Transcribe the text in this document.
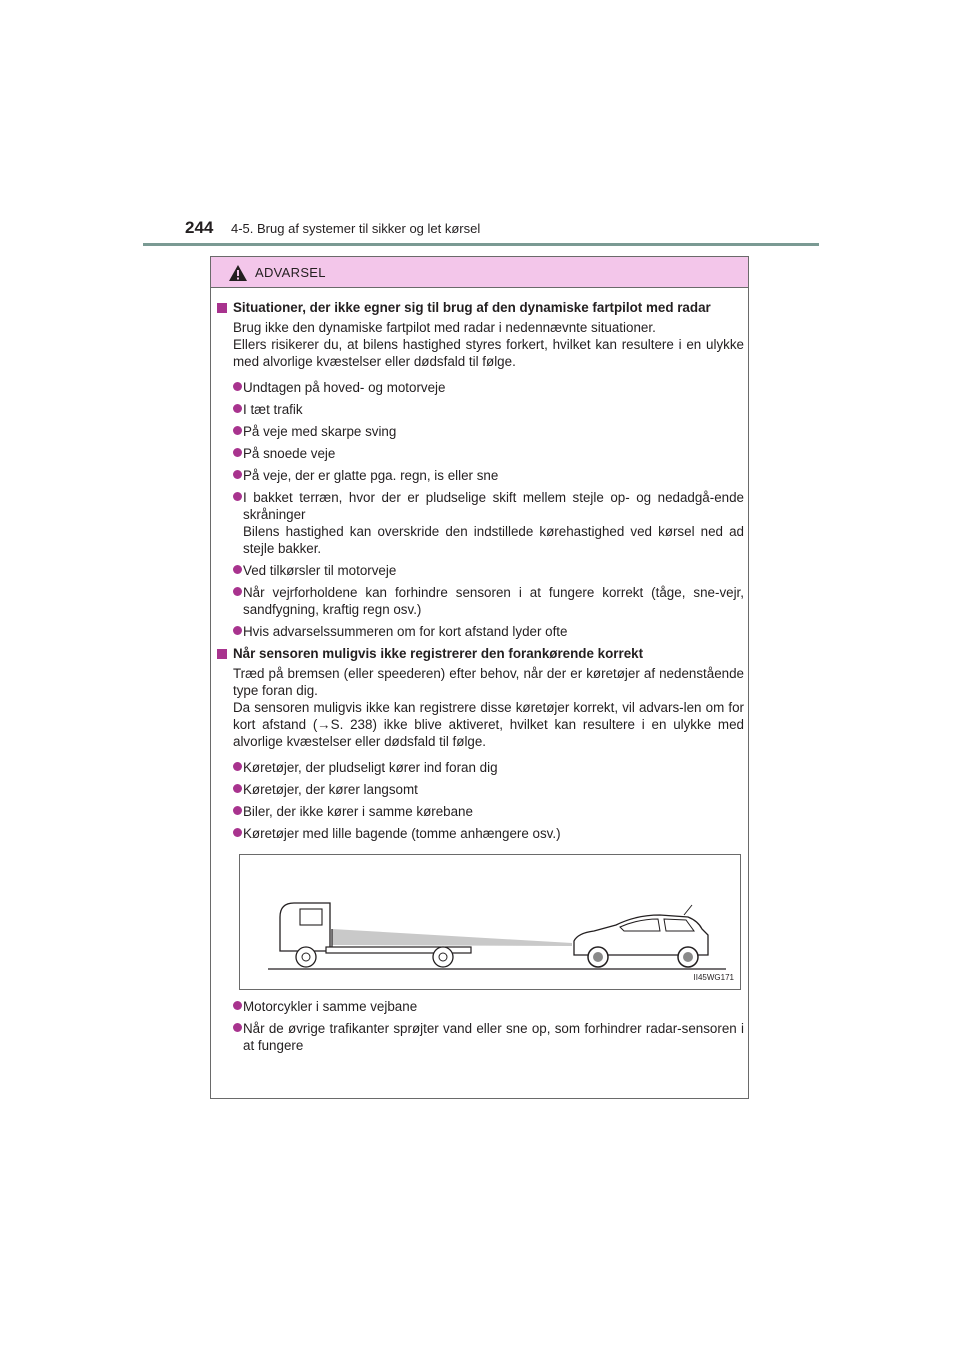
244 4-5. Brug af systemer til sikker og let kørsel
ADVARSEL
Situationer, der ikke egner sig til brug af den dynamiske fartpilot med radar
Brug ikke den dynamiske fartpilot med radar i nedennævnte situationer.
Ellers risikerer du, at bilens hastighed styres forkert, hvilket kan resultere i en ulykke med alvorlige kvæstelser eller dødsfald til følge.
Undtagen på hoved- og motorveje
I tæt trafik
På veje med skarpe sving
På snoede veje
På veje, der er glatte pga. regn, is eller sne
I bakket terræn, hvor der er pludselige skift mellem stejle op- og nedadgå-ende skråninger
Bilens hastighed kan overskride den indstillede kørehastighed ved kørsel ned ad stejle bakker.
Ved tilkørsler til motorveje
Når vejrforholdene kan forhindre sensoren i at fungere korrekt (tåge, sne-vejr, sandfygning, kraftig regn osv.)
Hvis advarselssummeren om for kort afstand lyder ofte
Når sensoren muligvis ikke registrerer den forankørende korrekt
Træd på bremsen (eller speederen) efter behov, når der er køretøjer af nedenstående type foran dig.
Da sensoren muligvis ikke kan registrere disse køretøjer korrekt, vil advars-len om for kort afstand (→S. 238) ikke blive aktiveret, hvilket kan resultere i en ulykke med alvorlige kvæstelser eller dødsfald til følge.
Køretøjer, der pludseligt kører ind foran dig
Køretøjer, der kører langsomt
Biler, der ikke kører i samme kørebane
Køretøjer med lille bagende (tomme anhængere osv.)
II45WG171
Motorcykler i samme vejbane
Når de øvrige trafikanter sprøjter vand eller sne op, som forhindrer radar-sensoren i at fungere
